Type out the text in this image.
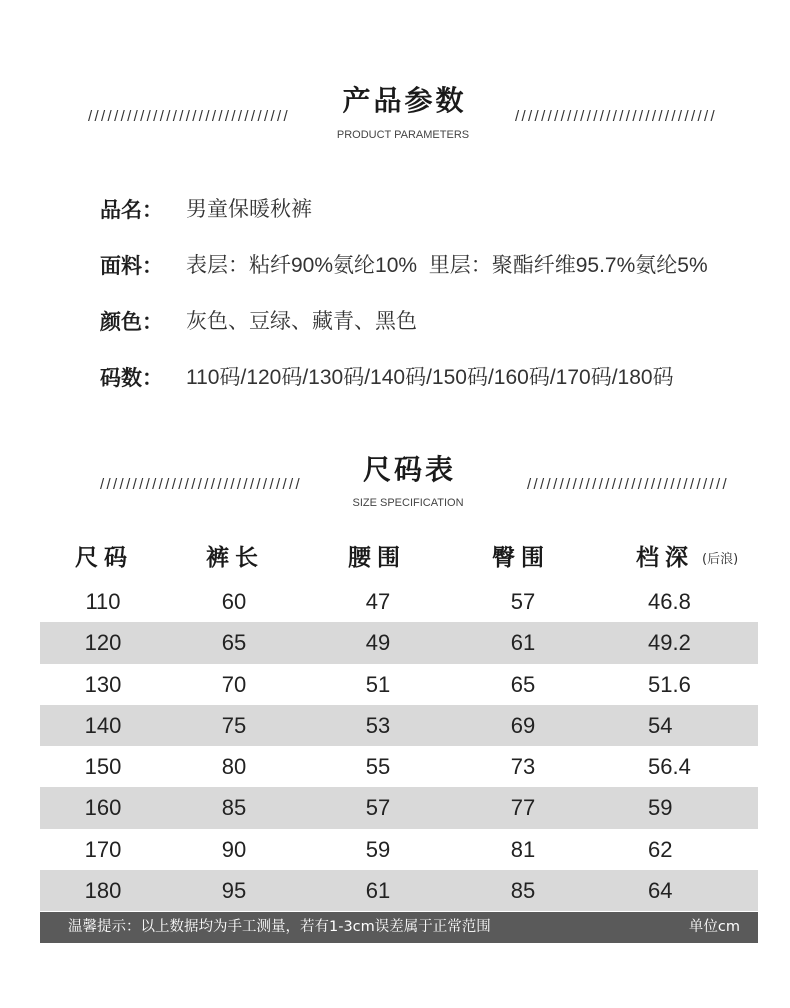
///////////////////////////////	产品参数
PRODUCT PARAMETERS
///////////////////////////////
品名： 男童保暖秋裤
面料： 表层：粘纤90%氨纶10%  里层：聚酯纤维95.7%氨纶5%
颜色： 灰色、豆绿、藏青、黑色
码数： 110码/120码/130码/140码/150码/160码/170码/180码
///////////////////////////////	尺码表
SIZE SPECIFICATION
///////////////////////////////
尺码	裤长	腰围	臀围	档深 (后浪)
110	60	47	57	46.8
120	65	49	61	49.2
130	70	51	65	51.6
140	75	53	69	54
150	80	55	73	56.4
160	85	57	77	59
170	90	59	81	62
180	95	61	85	64
温馨提示：以上数据均为手工测量，若有1-3cm误差属于正常范围	单位cm
